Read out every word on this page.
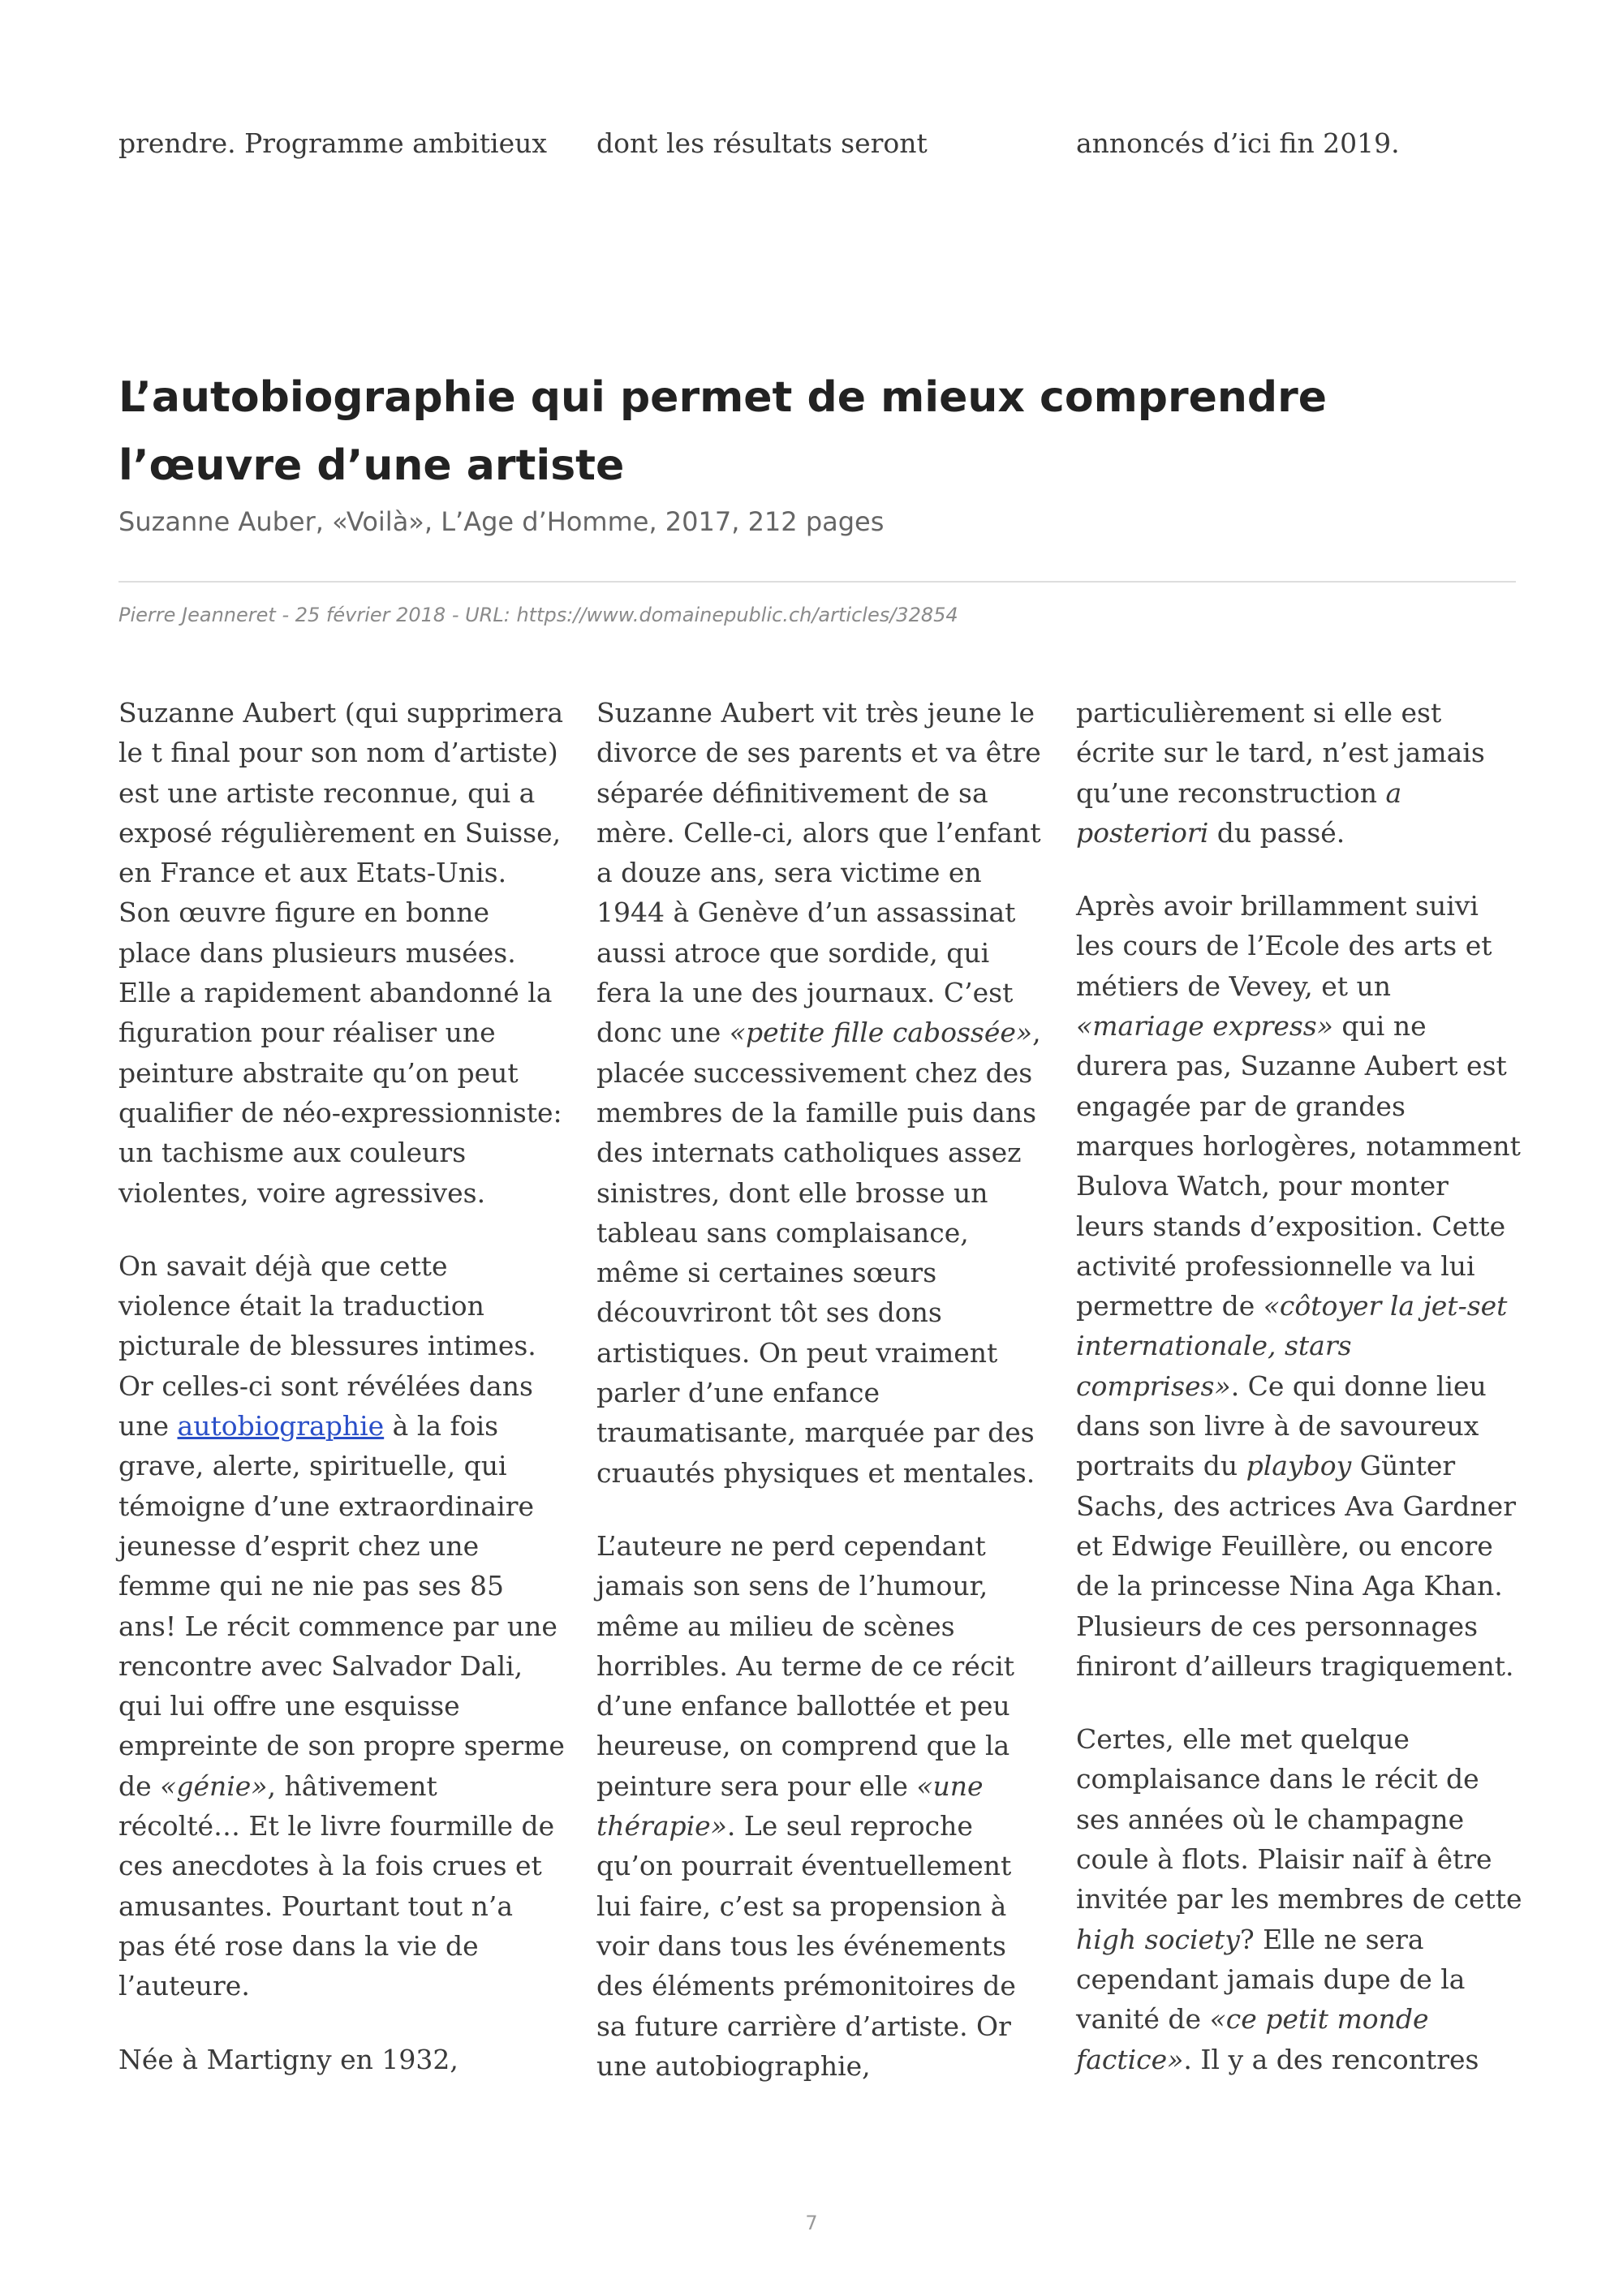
prendre. Programme ambitieux	dont les résultats seront	annoncés d’ici fin 2019.
L’autobiographie qui permet de mieux comprendre l’œuvre d’une artiste

Suzanne Auber, «Voilà», L’Age d’Homme, 2017, 212 pages

Pierre Jeanneret - 25 février 2018 - URL: https://www.domainepublic.ch/articles/32854

Suzanne Aubert (qui supprimera le t final pour son nom d’artiste) est une artiste reconnue, qui a exposé régulièrement en Suisse, en France et aux Etats-Unis. Son œuvre figure en bonne place dans plusieurs musées. Elle a rapidement abandonné la figuration pour réaliser une peinture abstraite qu’on peut qualifier de néo-expressionniste: un tachisme aux couleurs violentes, voire agressives.

On savait déjà que cette violence était la traduction picturale de blessures intimes. Or celles-ci sont révélées dans une autobiographie à la fois grave, alerte, spirituelle, qui témoigne d’une extraordinaire jeunesse d’esprit chez une femme qui ne nie pas ses 85 ans! Le récit commence par une rencontre avec Salvador Dali, qui lui offre une esquisse empreinte de son propre sperme de «génie», hâtivement récolté… Et le livre fourmille de ces anecdotes à la fois crues et amusantes. Pourtant tout n’a pas été rose dans la vie de l’auteure.

Née à Martigny en 1932,

Suzanne Aubert vit très jeune le divorce de ses parents et va être séparée définitivement de sa mère. Celle-ci, alors que l’enfant a douze ans, sera victime en 1944 à Genève d’un assassinat aussi atroce que sordide, qui fera la une des journaux. C’est donc une «petite fille cabossée», placée successivement chez des membres de la famille puis dans des internats catholiques assez sinistres, dont elle brosse un tableau sans complaisance, même si certaines sœurs découvriront tôt ses dons artistiques. On peut vraiment parler d’une enfance traumatisante, marquée par des cruautés physiques et mentales.

L’auteure ne perd cependant jamais son sens de l’humour, même au milieu de scènes horribles. Au terme de ce récit d’une enfance ballottée et peu heureuse, on comprend que la peinture sera pour elle «une thérapie». Le seul reproche qu’on pourrait éventuellement lui faire, c’est sa propension à voir dans tous les événements des éléments prémonitoires de sa future carrière d’artiste. Or une autobiographie,

particulièrement si elle est écrite sur le tard, n’est jamais qu’une reconstruction a posteriori du passé.

Après avoir brillamment suivi les cours de l’Ecole des arts et métiers de Vevey, et un «mariage express» qui ne durera pas, Suzanne Aubert est engagée par de grandes marques horlogères, notamment Bulova Watch, pour monter leurs stands d’exposition. Cette activité professionnelle va lui permettre de «côtoyer la jet-set internationale, stars comprises». Ce qui donne lieu dans son livre à de savoureux portraits du playboy Günter Sachs, des actrices Ava Gardner et Edwige Feuillère, ou encore de la princesse Nina Aga Khan. Plusieurs de ces personnages finiront d’ailleurs tragiquement.

Certes, elle met quelque complaisance dans le récit de ses années où le champagne coule à flots. Plaisir naïf à être invitée par les membres de cette high society? Elle ne sera cependant jamais dupe de la vanité de «ce petit monde factice». Il y a des rencontres

7
